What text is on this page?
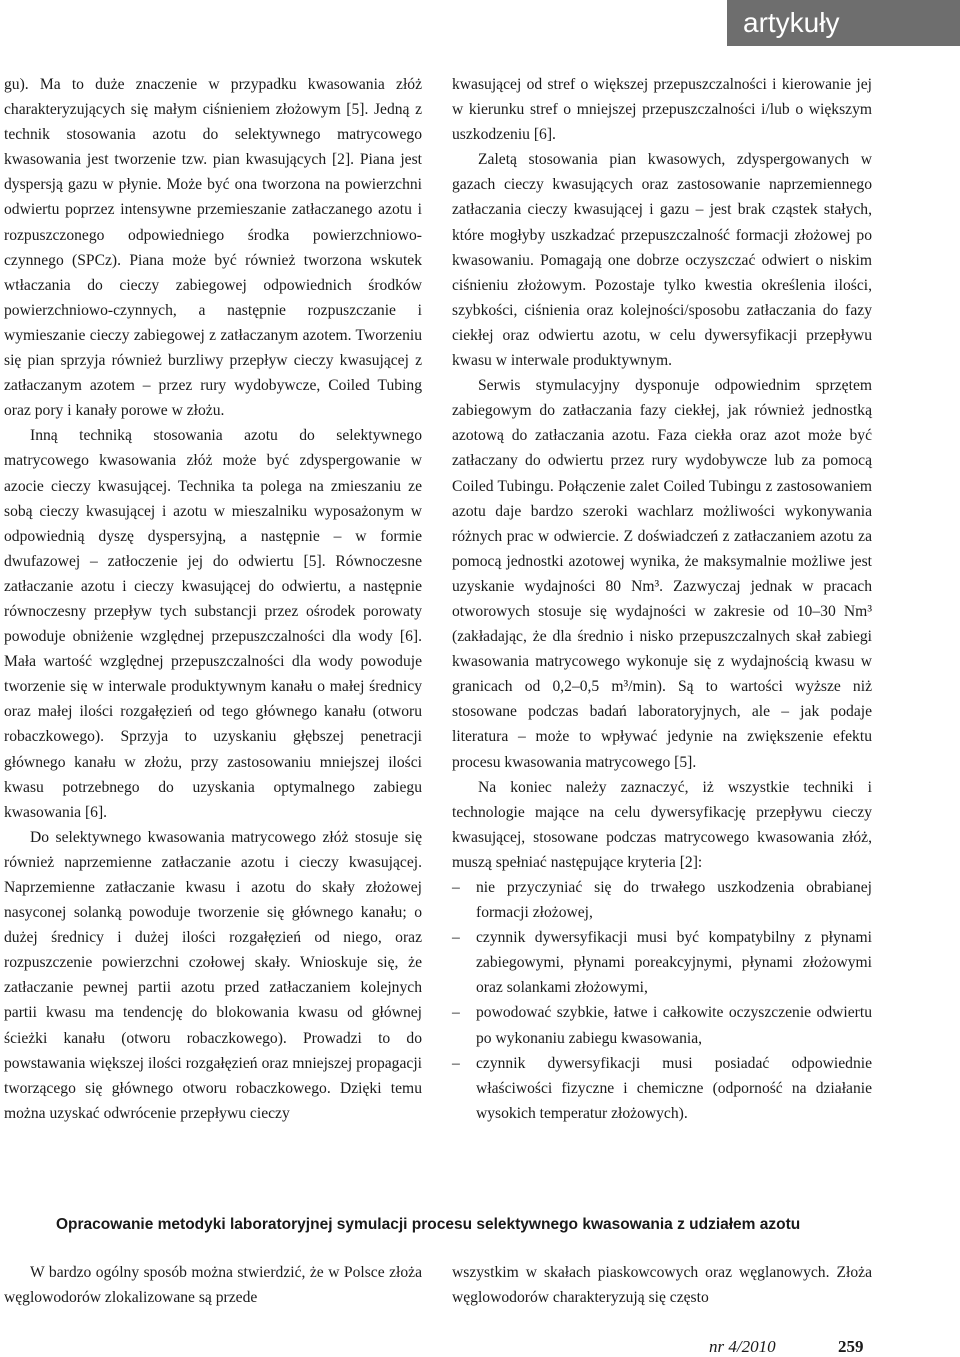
artykuły

gu). Ma to duże znaczenie w przypadku kwasowania złóż charakteryzujących się małym ciśnieniem złożowym [5]. Jedną z technik stosowania azotu do selektywnego matrycowego kwasowania jest tworzenie tzw. pian kwasujących [2]. Piana jest dyspersją gazu w płynie. Może być ona tworzona na powierzchni odwiertu poprzez intensywne przemieszanie zatłaczanego azotu i rozpuszczonego odpowiedniego środka powierzchniowo-czynnego (SPCz). Piana może być również tworzona wskutek wtłaczania do cieczy zabiegowej odpowiednich środków powierzchniowo-czynnych, a następnie rozpuszczanie i wymieszanie cieczy zabiegowej z zatłaczanym azotem. Tworzeniu się pian sprzyja również burzliwy przepływ cieczy kwasującej z zatłaczanym azotem – przez rury wydobywcze, Coiled Tubing oraz pory i kanały porowe w złożu.

Inną techniką stosowania azotu do selektywnego matrycowego kwasowania złóż może być zdyspergowanie w azocie cieczy kwasującej. Technika ta polega na zmieszaniu ze sobą cieczy kwasującej i azotu w mieszalniku wyposażonym w odpowiednią dyszę dyspersyjną, a następnie – w formie dwufazowej – zatłoczenie jej do odwiertu [5]. Równoczesne zatłaczanie azotu i cieczy kwasującej do odwiertu, a następnie równoczesny przepływ tych substancji przez ośrodek porowaty powoduje obniżenie względnej przepuszczalności dla wody [6]. Mała wartość względnej przepuszczalności dla wody powoduje tworzenie się w interwale produktywnym kanału o małej średnicy oraz małej ilości rozgałęzień od tego głównego kanału (otworu robaczkowego). Sprzyja to uzyskaniu głębszej penetracji głównego kanału w złożu, przy zastosowaniu mniejszej ilości kwasu potrzebnego do uzyskania optymalnego zabiegu kwasowania [6].

Do selektywnego kwasowania matrycowego złóż stosuje się również naprzemienne zatłaczanie azotu i cieczy kwasującej. Naprzemienne zatłaczanie kwasu i azotu do skały złożowej nasyconej solanką powoduje tworzenie się głównego kanału; o dużej średnicy i dużej ilości rozgałęzień od niego, oraz rozpuszczenie powierzchni czołowej skały. Wnioskuje się, że zatłaczanie pewnej partii azotu przed zatłaczaniem kolejnych partii kwasu ma tendencję do blokowania kwasu od głównej ścieżki kanału (otworu robaczkowego). Prowadzi to do powstawania większej ilości rozgałęzień oraz mniejszej propagacji tworzącego się głównego otworu robaczkowego. Dzięki temu można uzyskać odwrócenie przepływu cieczy

kwasującej od stref o większej przepuszczalności i kierowanie jej w kierunku stref o mniejszej przepuszczalności i/lub o większym uszkodzeniu [6].

Zaletą stosowania pian kwasowych, zdyspergowanych w gazach cieczy kwasujących oraz zastosowanie naprzemiennego zatłaczania cieczy kwasującej i gazu – jest brak cząstek stałych, które mogłyby uszkadzać przepuszczalność formacji złożowej po kwasowaniu. Pomagają one dobrze oczyszczać odwiert o niskim ciśnieniu złożowym. Pozostaje tylko kwestia określenia ilości, szybkości, ciśnienia oraz kolejności/sposobu zatłaczania do fazy ciekłej oraz odwiertu azotu, w celu dywersyfikacji przepływu kwasu w interwale produktywnym.

Serwis stymulacyjny dysponuje odpowiednim sprzętem zabiegowym do zatłaczania fazy ciekłej, jak również jednostką azotową do zatłaczania azotu. Faza ciekła oraz azot może być zatłaczany do odwiertu przez rury wydobywcze lub za pomocą Coiled Tubingu. Połączenie zalet Coiled Tubingu z zastosowaniem azotu daje bardzo szeroki wachlarz możliwości wykonywania różnych prac w odwiercie. Z doświadczeń z zatłaczaniem azotu za pomocą jednostki azotowej wynika, że maksymalnie możliwe jest uzyskanie wydajności 80 Nm³. Zazwyczaj jednak w pracach otworowych stosuje się wydajności w zakresie od 10–30 Nm³ (zakładając, że dla średnio i nisko przepuszczalnych skał zabiegi kwasowania matrycowego wykonuje się z wydajnością kwasu w granicach od 0,2–0,5 m³/min). Są to wartości wyższe niż stosowane podczas badań laboratoryjnych, ale – jak podaje literatura – może to wpływać jedynie na zwiększenie efektu procesu kwasowania matrycowego [5].

Na koniec należy zaznaczyć, iż wszystkie techniki i technologie mające na celu dywersyfikację przepływu cieczy kwasującej, stosowane podczas matrycowego kwasowania złóż, muszą spełniać następujące kryteria [2]:

– nie przyczyniać się do trwałego uszkodzenia obrabianej formacji złożowej,
– czynnik dywersyfikacji musi być kompatybilny z płynami zabiegowymi, płynami poreakcyjnymi, płynami złożowymi oraz solankami złożowymi,
– powodować szybkie, łatwe i całkowite oczyszczenie odwiertu po wykonaniu zabiegu kwasowania,
– czynnik dywersyfikacji musi posiadać odpowiednie właściwości fizyczne i chemiczne (odporność na działanie wysokich temperatur złożowych).
Opracowanie metodyki laboratoryjnej symulacji procesu selektywnego kwasowania z udziałem azotu

W bardzo ogólny sposób można stwierdzić, że w Polsce złoża węglowodorów zlokalizowane są przede

wszystkim w skałach piaskowcowych oraz węglanowych. Złoża węglowodorów charakteryzują się często

nr 4/2010	259
